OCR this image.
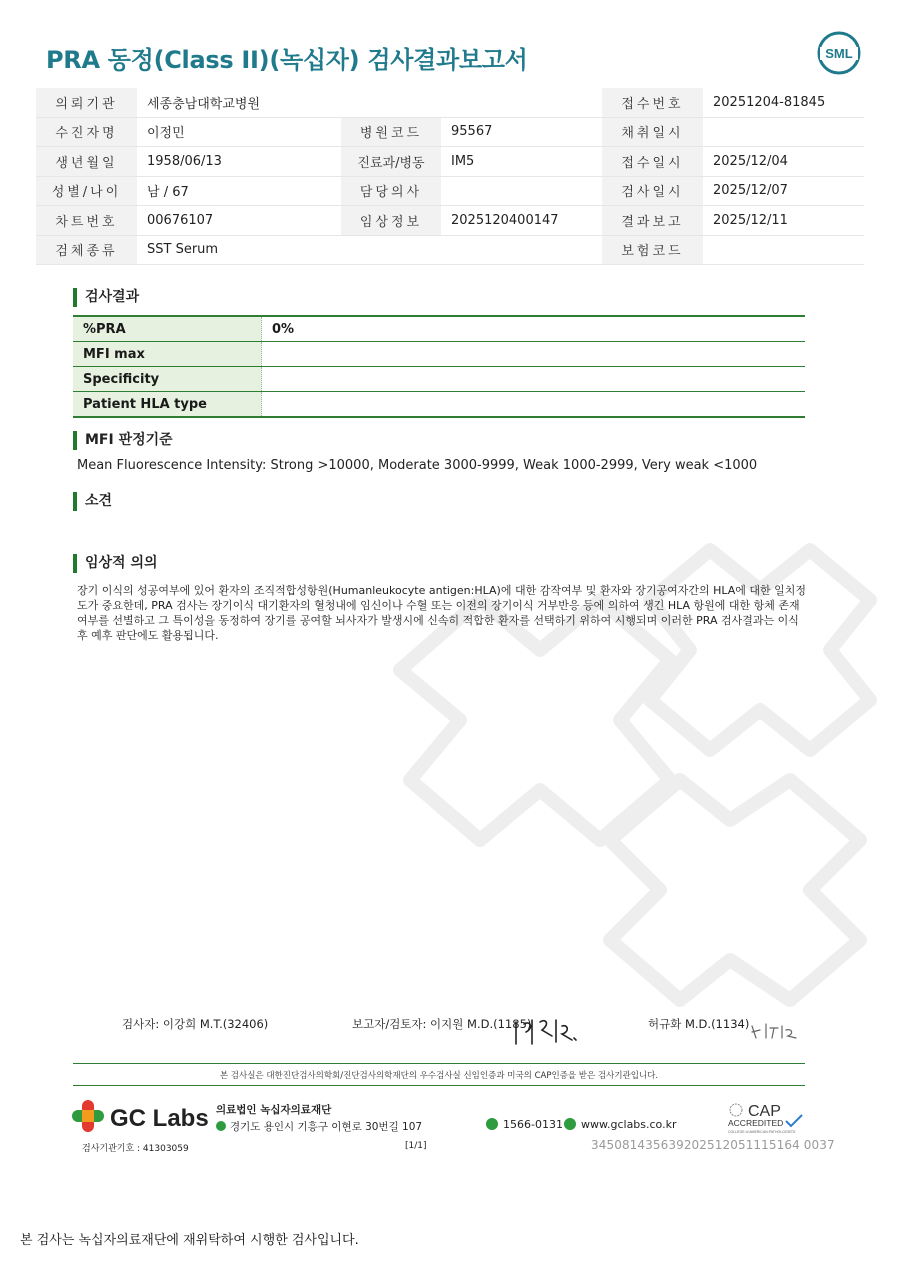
PRA 동정(Class II)(녹십자) 검사결과보고서	SML
의뢰기관	세종충남대학교병원			접수번호	20251204-81845
수진자명	이정민	병원코드	95567	채취일시	
생년월일	1958/06/13	진료과/병동	IM5	접수일시	2025/12/04
성별/나이	남 / 67	담당의사		검사일시	2025/12/07
차트번호	00676107	임상정보	2025120400147	결과보고	2025/12/11
검체종류	SST Serum			보험코드	
검사결과
%PRA	0%
MFI max	
Specificity	
Patient HLA type	
MFI 판정기준

Mean Fluorescence Intensity: Strong >10000, Moderate 3000-9999, Weak 1000-2999, Very weak <1000

소견

임상적 의의

장기 이식의 성공여부에 있어 환자의 조직적합성항원(Humanleukocyte antigen:HLA)에 대한 감작여부 및 환자와 장기공여자간의 HLA에 대한 일치정도가 중요한데, PRA 검사는 장기이식 대기환자의 혈청내에 임신이나 수혈 또는 이전의 장기이식 거부반응 등에 의하여 생긴 HLA 항원에 대한 항체 존재 여부를 선별하고 그 특이성을 동정하여 장기를 공여할 뇌사자가 발생시에 신속히 적합한 환자를 선택하기 위하여 시행되며 이러한 PRA 검사결과는 이식 후 예후 판단에도 활용됩니다.

검사자: 이강희 M.T.(32406)	보고자/검토자: 이지원 M.D.(1185)	허규화 M.D.(1134)

본 검사실은 대한진단검사의학회/진단검사의학재단의 우수검사실 신임인증과 미국의 CAP인증을 받은 검사기관입니다.

GC Labs 의료법인 녹십자의료재단

경기도 용인시 기흥구 이현로 30번길 107	1566-0131	www.gclabs.co.kr

CAP
ACCREDITED
COLLEGE of AMERICAN PATHOLOGISTS

검사기관기호 : 41303059	[1/1]	345081435639202512051115164 0037

본 검사는 녹십자의료재단에 재위탁하여 시행한 검사입니다.
